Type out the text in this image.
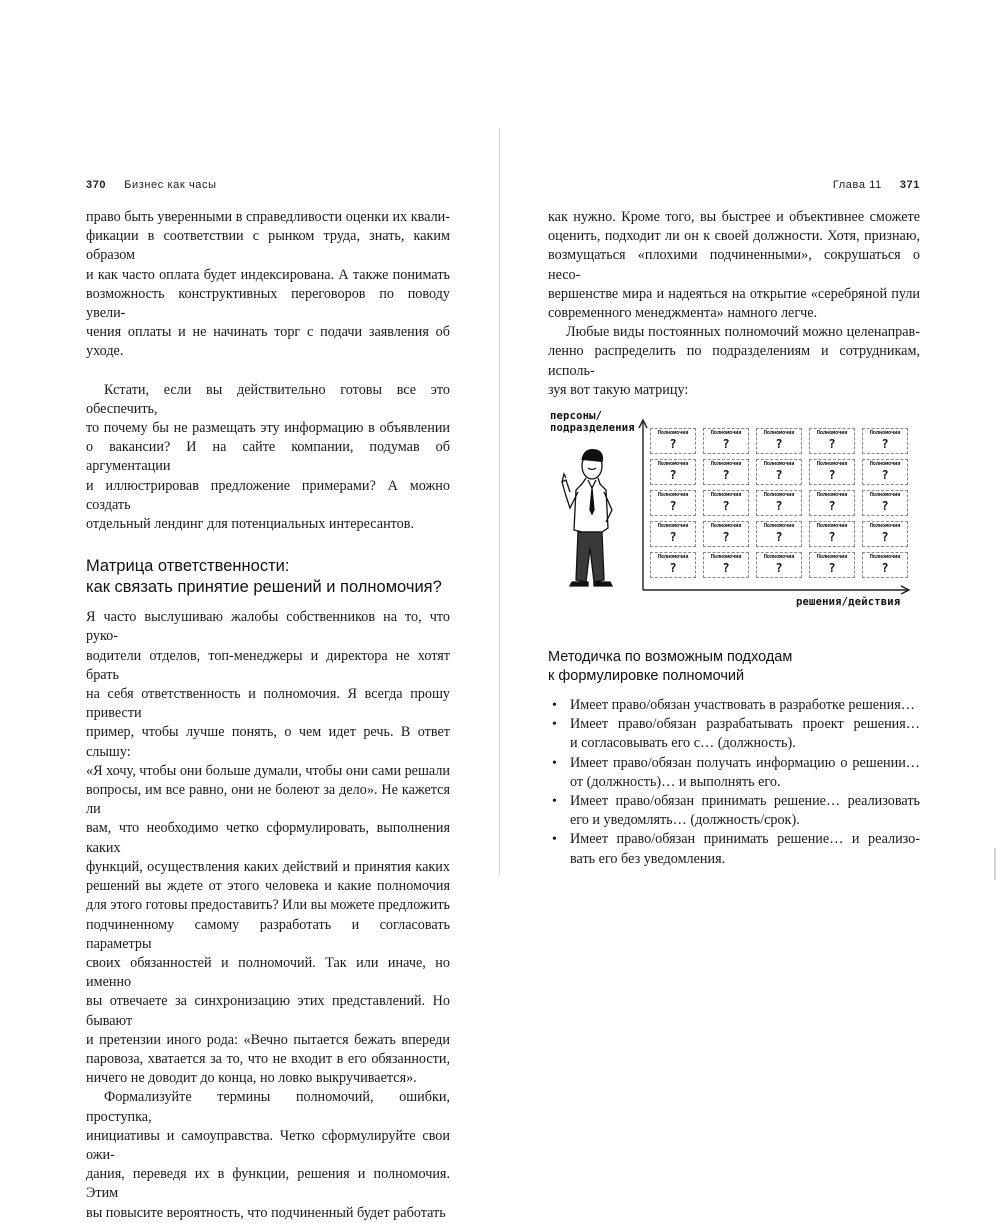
370 Бизнес как часы
право быть уверенными в справедливости оценки их квали-
фикации в соответствии с рынком труда, знать, каким образом
и как часто оплата будет индексирована. А также понимать
возможность конструктивных переговоров по поводу увели-
чения оплаты и не начинать торг с подачи заявления об уходе.
Кстати, если вы действительно готовы все это обеспечить,
то почему бы не размещать эту информацию в объявлении
о вакансии? И на сайте компании, подумав об аргументации
и иллюстрировав предложение примерами? А можно создать
отдельный лендинг для потенциальных интересантов.
Матрица ответственности:
как связать принятие решений и полномочия?
Я часто выслушиваю жалобы собственников на то, что руко-
водители отделов, топ-менеджеры и директора не хотят брать
на себя ответственность и полномочия. Я всегда прошу привести
пример, чтобы лучше понять, о чем идет речь. В ответ слышу:
«Я хочу, чтобы они больше думали, чтобы они сами решали
вопросы, им все равно, они не болеют за дело». Не кажется ли
вам, что необходимо четко сформулировать, выполнения каких
функций, осуществления каких действий и принятия каких
решений вы ждете от этого человека и какие полномочия
для этого готовы предоставить? Или вы можете предложить
подчиненному самому разработать и согласовать параметры
своих обязанностей и полномочий. Так или иначе, но именно
вы отвечаете за синхронизацию этих представлений. Но бывают
и претензии иного рода: «Вечно пытается бежать впереди
паровоза, хватается за то, что не входит в его обязанности,
ничего не доводит до конца, но ловко выкручивается».
Формализуйте термины полномочий, ошибки, проступка,
инициативы и самоуправства. Четко сформулируйте свои ожи-
дания, переведя их в функции, решения и полномочия. Этим
вы повысите вероятность, что подчиненный будет работать
Глава 11 371
как нужно. Кроме того, вы быстрее и объективнее сможете
оценить, подходит ли он к своей должности. Хотя, признаю,
возмущаться «плохими подчиненными», сокрушаться о несо-
вершенстве мира и надеяться на открытие «серебряной пули
современного менеджмента» намного легче.
Любые виды постоянных полномочий можно целенаправ-
ленно распределить по подразделениям и сотрудникам, исполь-
зуя вот такую матрицу:
персоны/
подразделения
решения/действия
Полномочия
?
Полномочия
?
Полномочия
?
Полномочия
?
Полномочия
?
Полномочия
?
Полномочия
?
Полномочия
?
Полномочия
?
Полномочия
?
Полномочия
?
Полномочия
?
Полномочия
?
Полномочия
?
Полномочия
?
Полномочия
?
Полномочия
?
Полномочия
?
Полномочия
?
Полномочия
?
Полномочия
?
Полномочия
?
Полномочия
?
Полномочия
?
Полномочия
?
Методичка по возможным подходам
к формулировке полномочий
• Имеет право/обязан участвовать в разработке решения…
• Имеет право/обязан разрабатывать проект решения…
и согласовывать его с… (должность).
• Имеет право/обязан получать информацию о решении…
от (должность)… и выполнять его.
• Имеет право/обязан принимать решение… реализовать
его и уведомлять… (должность/срок).
• Имеет право/обязан принимать решение… и реализо-
вать его без уведомления.
